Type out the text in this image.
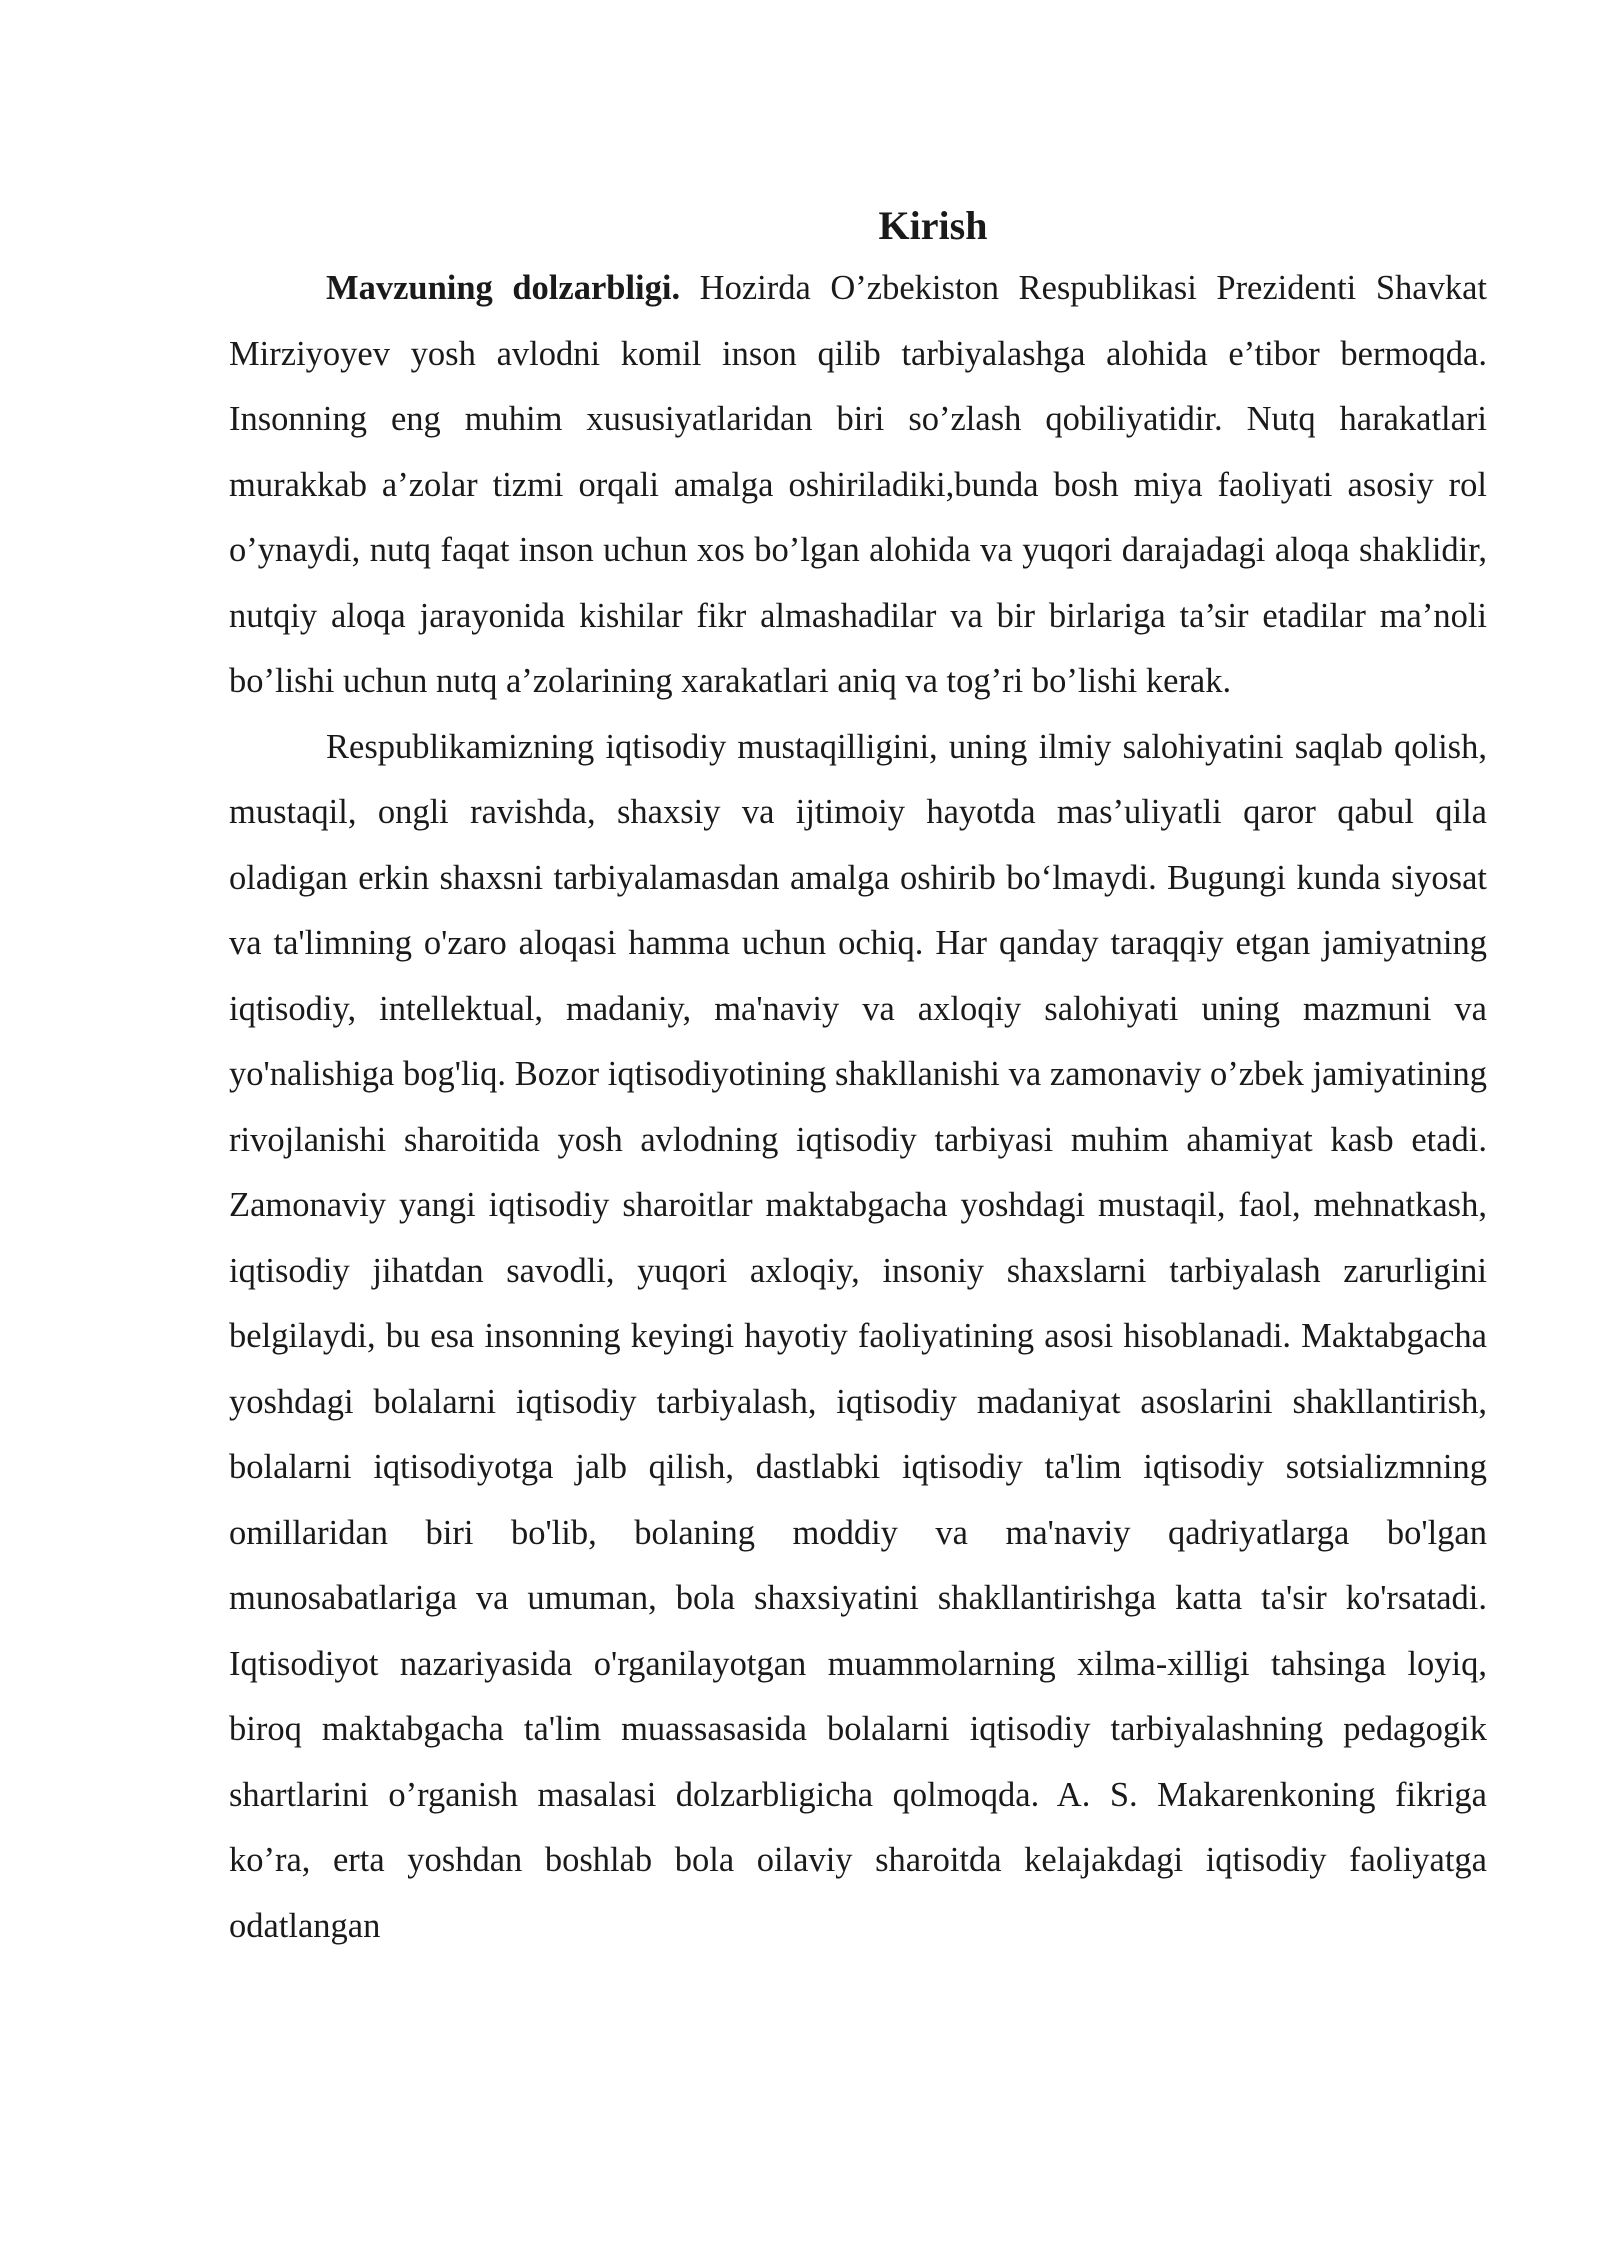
Kirish

Mavzuning dolzarbligi. Hozirda O’zbekiston Respublikasi Prezidenti Shavkat Mirziyoyev yosh avlodni komil inson qilib tarbiyalashga alohida e’tibor bermoqda. Insonning eng muhim xususiyatlaridan biri so’zlash qobiliyatidir. Nutq harakatlari murakkab a’zolar tizmi orqali amalga oshiriladiki,bunda bosh miya faoliyati asosiy rol o’ynaydi, nutq faqat inson uchun xos bo’lgan alohida va yuqori darajadagi aloqa shaklidir, nutqiy aloqa jarayonida kishilar fikr almashadilar va bir birlariga ta’sir etadilar ma’noli bo’lishi uchun nutq a’zolarining xarakatlari aniq va tog’ri bo’lishi kerak.

Respublikamizning iqtisodiy mustaqilligini, uning ilmiy salohiyatini saqlab qolish, mustaqil, ongli ravishda, shaxsiy va ijtimoiy hayotda mas’uliyatli qaror qabul qila oladigan erkin shaxsni tarbiyalamasdan amalga oshirib bo‘lmaydi. Bugungi kunda siyosat va ta'limning o'zaro aloqasi hamma uchun ochiq. Har qanday taraqqiy etgan jamiyatning iqtisodiy, intellektual, madaniy, ma'naviy va axloqiy salohiyati uning mazmuni va yo'nalishiga bog'liq. Bozor iqtisodiyotining shakllanishi va zamonaviy o’zbek jamiyatining rivojlanishi sharoitida yosh avlodning iqtisodiy tarbiyasi muhim ahamiyat kasb etadi. Zamonaviy yangi iqtisodiy sharoitlar maktabgacha yoshdagi mustaqil, faol, mehnatkash, iqtisodiy jihatdan savodli, yuqori axloqiy, insoniy shaxslarni tarbiyalash zarurligini belgilaydi, bu esa insonning keyingi hayotiy faoliyatining asosi hisoblanadi. Maktabgacha yoshdagi bolalarni iqtisodiy tarbiyalash, iqtisodiy madaniyat asoslarini shakllantirish, bolalarni iqtisodiyotga jalb qilish, dastlabki iqtisodiy ta'lim iqtisodiy sotsializmning omillaridan biri bo'lib, bolaning moddiy va ma'naviy qadriyatlarga bo'lgan munosabatlariga va umuman, bola shaxsiyatini shakllantirishga katta ta'sir ko'rsatadi. Iqtisodiyot nazariyasida o'rganilayotgan muammolarning xilma-xilligi tahsinga loyiq, biroq maktabgacha ta'lim muassasasida bolalarni iqtisodiy tarbiyalashning pedagogik shartlarini o’rganish masalasi dolzarbligicha qolmoqda. A. S. Makarenkoning fikriga ko’ra, erta yoshdan boshlab bola oilaviy sharoitda kelajakdagi iqtisodiy faoliyatga odatlangan
